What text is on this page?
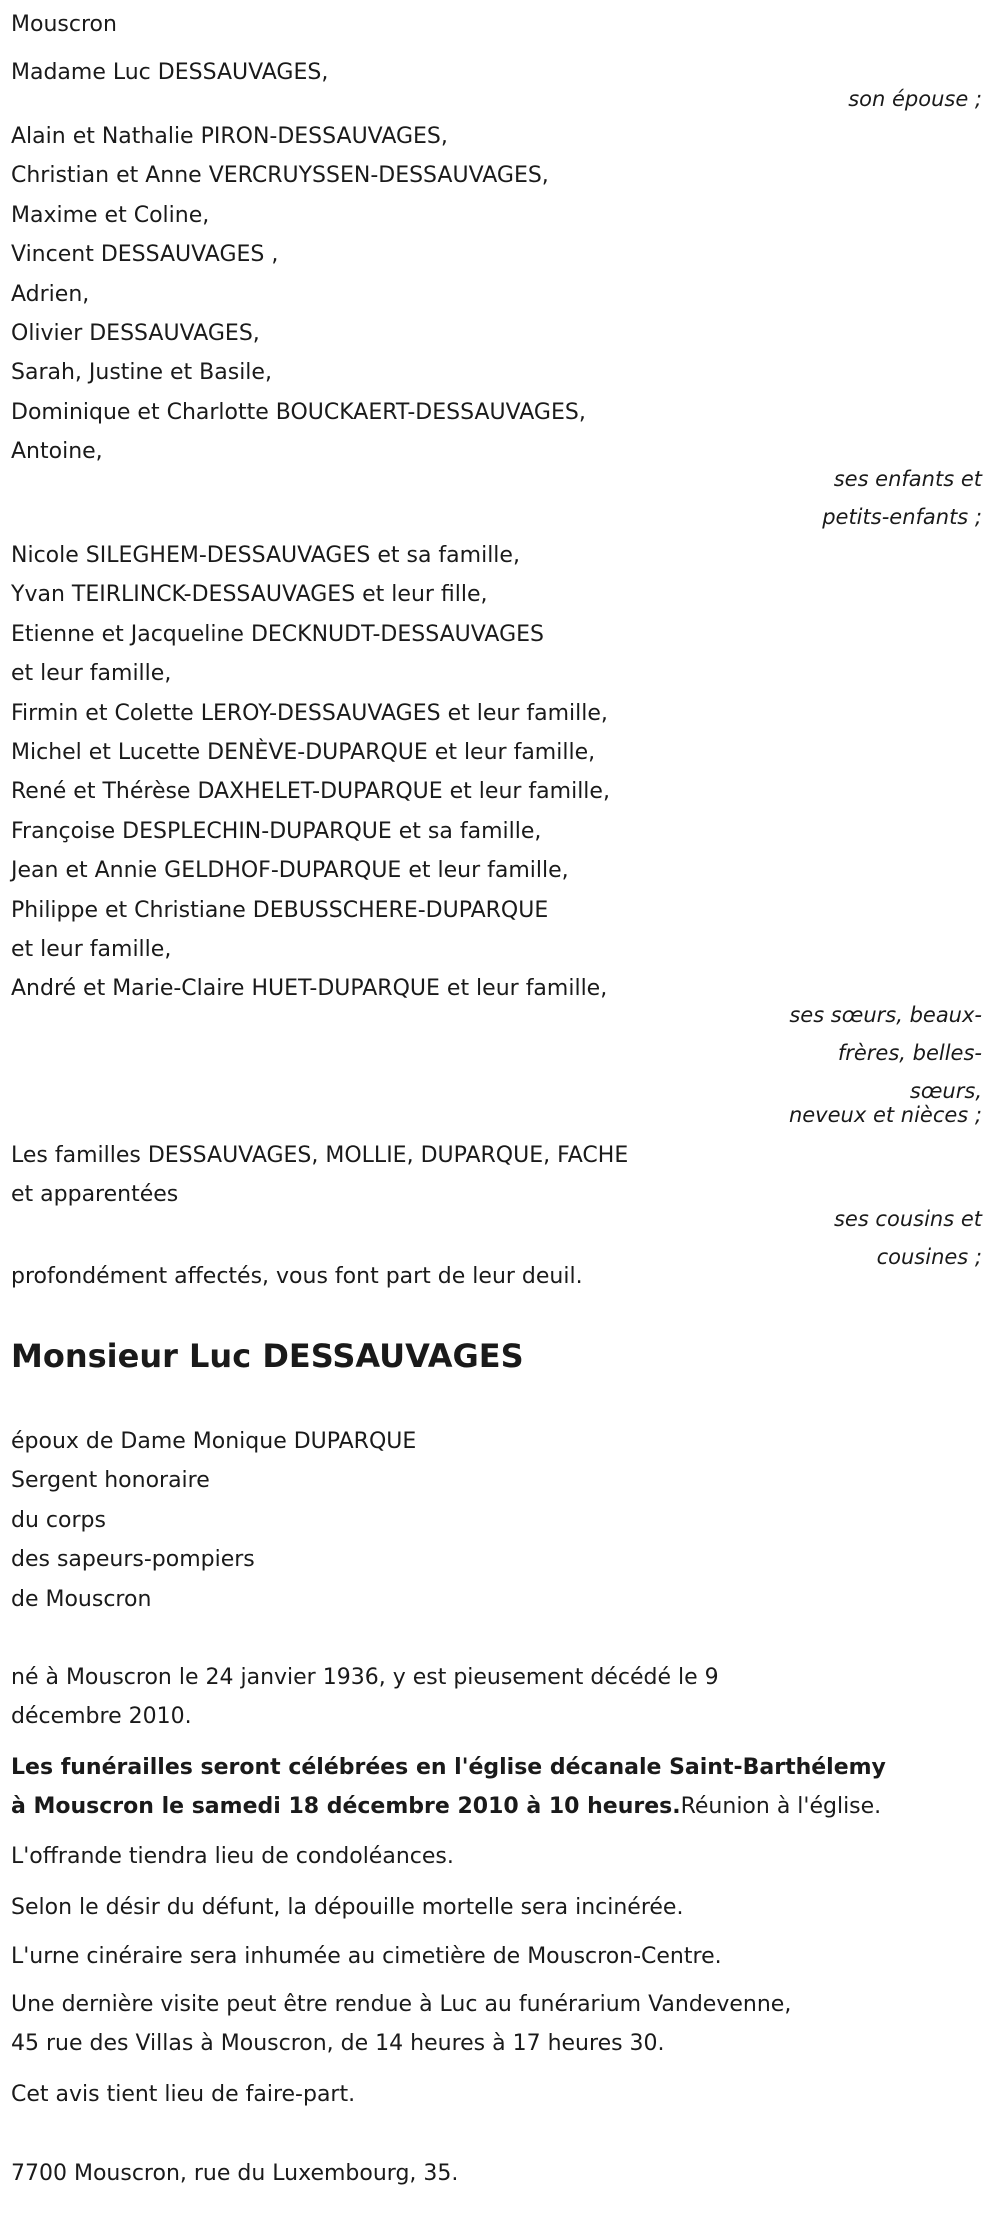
Mouscron
Madame Luc DESSAUVAGES,
son épouse ;
Alain et Nathalie PIRON-DESSAUVAGES,
Christian et Anne VERCRUYSSEN-DESSAUVAGES,
Maxime et Coline,
Vincent DESSAUVAGES ,
Adrien,
Olivier DESSAUVAGES,
Sarah, Justine et Basile,
Dominique et Charlotte BOUCKAERT-DESSAUVAGES,
Antoine,
ses enfants et
petits-enfants ;
Nicole SILEGHEM-DESSAUVAGES et sa famille,
Yvan TEIRLINCK-DESSAUVAGES et leur fille,
Etienne et Jacqueline DECKNUDT-DESSAUVAGES
et leur famille,
Firmin et Colette LEROY-DESSAUVAGES et leur famille,
Michel et Lucette DENÈVE-DUPARQUE et leur famille,
René et Thérèse DAXHELET-DUPARQUE et leur famille,
Françoise DESPLECHIN-DUPARQUE et sa famille,
Jean et Annie GELDHOF-DUPARQUE et leur famille,
Philippe et Christiane DEBUSSCHERE-DUPARQUE
et leur famille,
André et Marie-Claire HUET-DUPARQUE et leur famille,
ses sœurs, beaux-
frères, belles-
sœurs,
neveux et nièces ;
Les familles DESSAUVAGES, MOLLIE, DUPARQUE, FACHE
et apparentées
ses cousins et
cousines ;
profondément affectés, vous font part de leur deuil.
Monsieur Luc DESSAUVAGES
époux de Dame Monique DUPARQUE
Sergent honoraire
du corps
des sapeurs-pompiers
de Mouscron
né à Mouscron le 24 janvier 1936, y est pieusement décédé le 9
décembre 2010.
Les funérailles seront célébrées en l'église décanale Saint-Barthélemy
à Mouscron le samedi 18 décembre 2010 à 10 heures.Réunion à l'église.
L'offrande tiendra lieu de condoléances.
Selon le désir du défunt, la dépouille mortelle sera incinérée.
L'urne cinéraire sera inhumée au cimetière de Mouscron-Centre.
Une dernière visite peut être rendue à Luc au funérarium Vandevenne,
45 rue des Villas à Mouscron, de 14 heures à 17 heures 30.
Cet avis tient lieu de faire-part.
7700 Mouscron, rue du Luxembourg, 35.
